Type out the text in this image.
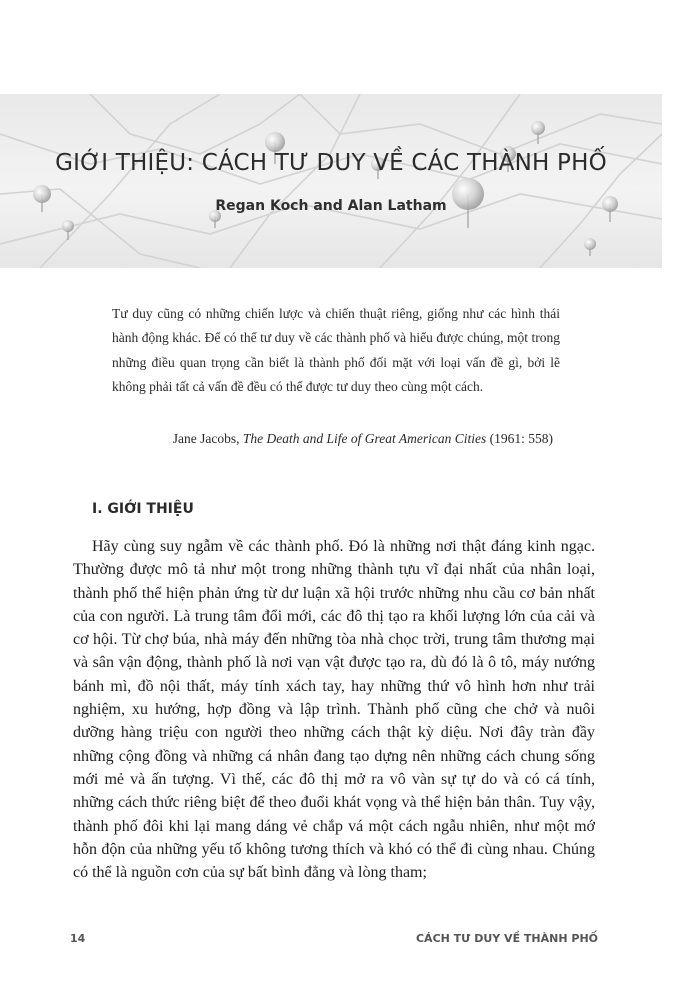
GIỚI THIỆU: CÁCH TƯ DUY VỀ CÁC THÀNH PHỐ
Regan Koch and Alan Latham

Tư duy cũng có những chiến lược và chiến thuật riêng, giống như các hình thái hành động khác. Để có thể tư duy về các thành phố và hiểu được chúng, một trong những điều quan trọng cần biết là thành phố đối mặt với loại vấn đề gì, bởi lẽ không phải tất cả vấn đề đều có thể được tư duy theo cùng một cách.

Jane Jacobs, The Death and Life of Great American Cities (1961: 558)
I. GIỚI THIỆU

Hãy cùng suy ngẫm về các thành phố. Đó là những nơi thật đáng kinh ngạc. Thường được mô tả như một trong những thành tựu vĩ đại nhất của nhân loại, thành phố thể hiện phản ứng từ dư luận xã hội trước những nhu cầu cơ bản nhất của con người. Là trung tâm đổi mới, các đô thị tạo ra khối lượng lớn của cải và cơ hội. Từ chợ búa, nhà máy đến những tòa nhà chọc trời, trung tâm thương mại và sân vận động, thành phố là nơi vạn vật được tạo ra, dù đó là ô tô, máy nướng bánh mì, đồ nội thất, máy tính xách tay, hay những thứ vô hình hơn như trải nghiệm, xu hướng, hợp đồng và lập trình. Thành phố cũng che chở và nuôi dưỡng hàng triệu con người theo những cách thật kỳ diệu. Nơi đây tràn đầy những cộng đồng và những cá nhân đang tạo dựng nên những cách chung sống mới mẻ và ấn tượng. Vì thế, các đô thị mở ra vô vàn sự tự do và có cá tính, những cách thức riêng biệt để theo đuổi khát vọng và thể hiện bản thân. Tuy vậy, thành phố đôi khi lại mang dáng vẻ chắp vá một cách ngẫu nhiên, như một mớ hỗn độn của những yếu tố không tương thích và khó có thể đi cùng nhau. Chúng có thể là nguồn cơn của sự bất bình đẳng và lòng tham;

14	CÁCH TƯ DUY VỀ THÀNH PHỐ
